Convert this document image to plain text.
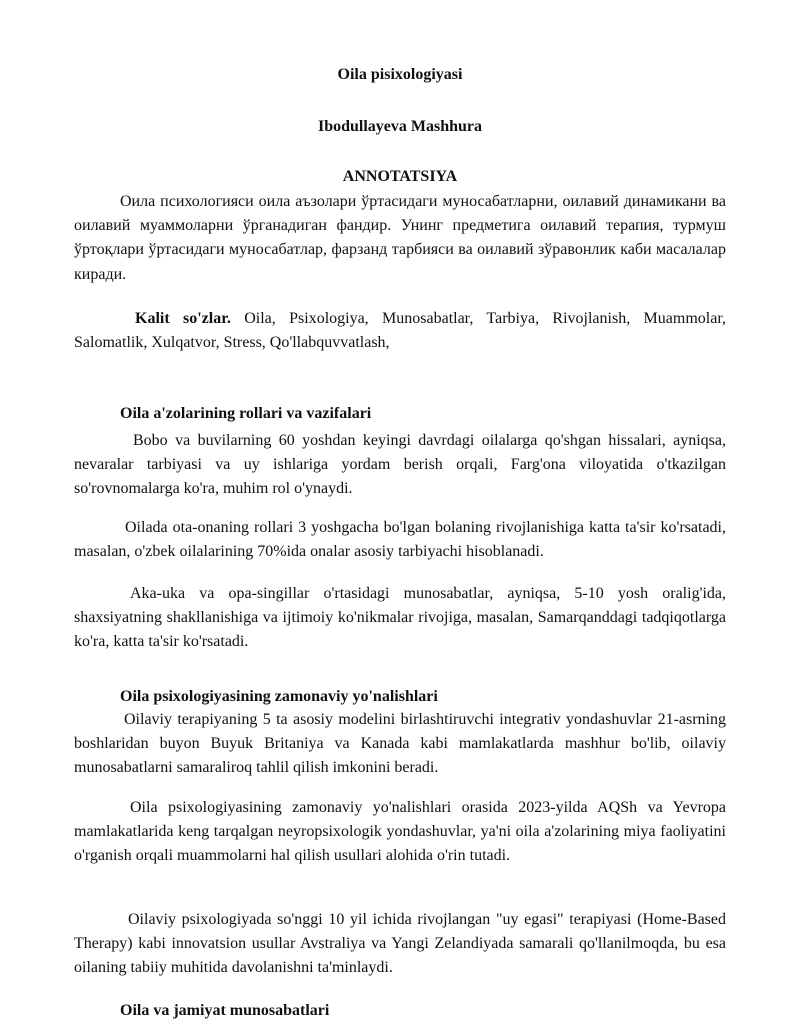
Oila pisixologiyasi
Ibodullayeva Mashhura
ANNOTATSIYA

Оила психологияси оила аъзолари ўртасидаги муносабатларни, оилавий динамикани ва оилавий муаммоларни ўрганадиган фандир. Унинг предметига оилавий терапия, турмуш ўртоқлари ўртасидаги муносабатлар, фарзанд тарбияси ва оилавий зўравонлик каби масалалар киради.

Kalit so'zlar. Oila, Psixologiya, Munosabatlar, Tarbiya, Rivojlanish, Muammolar, Salomatlik, Xulqatvor, Stress, Qo'llabquvvatlash,

Oila a'zolarining rollari va vazifalari

Bobo va buvilarning 60 yoshdan keyingi davrdagi oilalarga qo'shgan hissalari, ayniqsa, nevaralar tarbiyasi va uy ishlariga yordam berish orqali, Farg'ona viloyatida o'tkazilgan so'rovnomalarga ko'ra, muhim rol o'ynaydi.

Oilada ota-onaning rollari 3 yoshgacha bo'lgan bolaning rivojlanishiga katta ta'sir ko'rsatadi, masalan, o'zbek oilalarining 70%ida onalar asosiy tarbiyachi hisoblanadi.

Aka-uka va opa-singillar o'rtasidagi munosabatlar, ayniqsa, 5-10 yosh oralig'ida, shaxsiyatning shakllanishiga va ijtimoiy ko'nikmalar rivojiga, masalan, Samarqanddagi tadqiqotlarga ko'ra, katta ta'sir ko'rsatadi.

Oila psixologiyasining zamonaviy yo'nalishlari

Oilaviy terapiyaning 5 ta asosiy modelini birlashtiruvchi integrativ yondashuvlar 21-asrning boshlaridan buyon Buyuk Britaniya va Kanada kabi mamlakatlarda mashhur bo'lib, oilaviy munosabatlarni samaraliroq tahlil qilish imkonini beradi.

Oila psixologiyasining zamonaviy yo'nalishlari orasida 2023-yilda AQSh va Yevropa mamlakatlarida keng tarqalgan neyropsixologik yondashuvlar, ya'ni oila a'zolarining miya faoliyatini o'rganish orqali muammolarni hal qilish usullari alohida o'rin tutadi.

Oilaviy psixologiyada so'nggi 10 yil ichida rivojlangan "uy egasi" terapiyasi (Home-Based Therapy) kabi innovatsion usullar Avstraliya va Yangi Zelandiyada samarali qo'llanilmoqda, bu esa oilaning tabiiy muhitida davolanishni ta'minlaydi.

Oila va jamiyat munosabatlari
